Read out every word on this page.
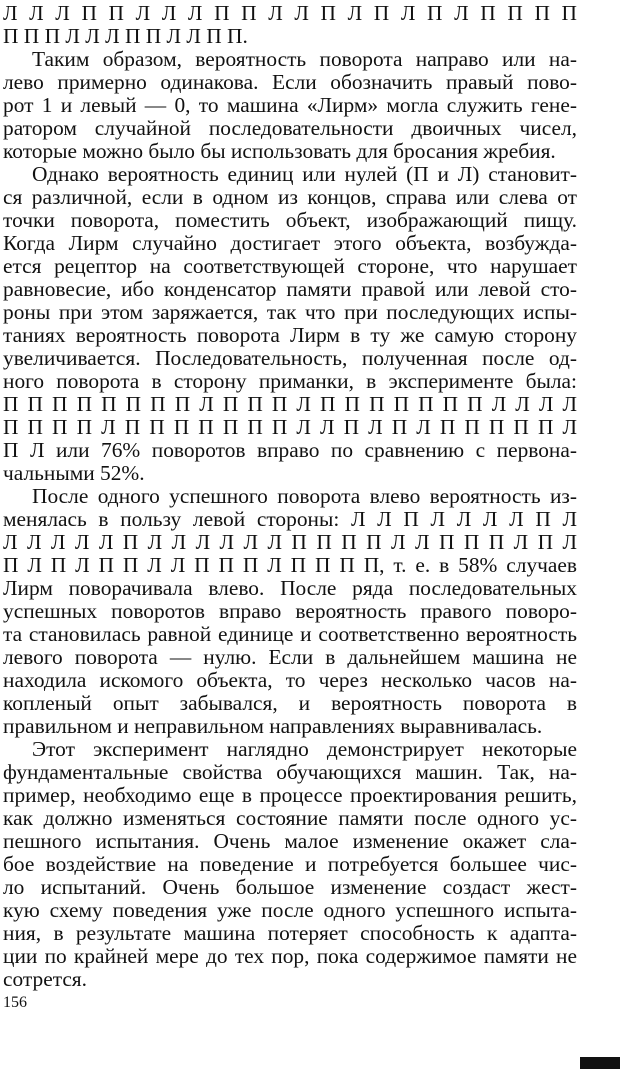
Л Л Л П П Л Л Л П П Л Л П Л П Л П Л П П П П
П П П Л Л Л П П Л Л П П.
Таким образом, вероятность поворота направо или на-
лево примерно одинакова. Если обозначить правый пово-
рот 1 и левый — 0, то машина «Лирм» могла служить гене-
ратором случайной последовательности двоичных чисел,
которые можно было бы использовать для бросания жребия.
Однако вероятность единиц или нулей (П и Л) становит-
ся различной, если в одном из концов, справа или слева от
точки поворота, поместить объект, изображающий пищу.
Когда Лирм случайно достигает этого объекта, возбужда-
ется рецептор на соответствующей стороне, что нарушает
равновесие, ибо конденсатор памяти правой или левой сто-
роны при этом заряжается, так что при последующих испы-
таниях вероятность поворота Лирм в ту же самую сторону
увеличивается. Последовательность, полученная после од-
ного поворота в сторону приманки, в эксперименте была:
П П П П П П П П Л П П П Л П П П П П П П Л Л Л Л
П П П П Л П П П П П П П Л Л П Л П Л П П П П П Л
П Л или 76% поворотов вправо по сравнению с первона-
чальными 52%.
После одного успешного поворота влево вероятность из-
менялась в пользу левой стороны: Л Л П Л Л Л Л П Л
Л Л Л Л Л П Л Л Л Л Л Л П П П П Л Л П П П Л П Л
П Л П Л П П Л Л П П П Л П П П П, т. е. в 58% случаев
Лирм поворачивала влево. После ряда последовательных
успешных поворотов вправо вероятность правого поворо-
та становилась равной единице и соответственно вероятность
левого поворота — нулю. Если в дальнейшем машина не
находила искомого объекта, то через несколько часов на-
копленый опыт забывался, и вероятность поворота в
правильном и неправильном направлениях выравнивалась.
Этот эксперимент наглядно демонстрирует некоторые
фундаментальные свойства обучающихся машин. Так, на-
пример, необходимо еще в процессе проектирования решить,
как должно изменяться состояние памяти после одного ус-
пешного испытания. Очень малое изменение окажет сла-
бое воздействие на поведение и потребуется большее чис-
ло испытаний. Очень большое изменение создаст жест-
кую схему поведения уже после одного успешного испыта-
ния, в результате машина потеряет способность к адапта-
ции по крайней мере до тех пор, пока содержимое памяти не
сотрется.
156
